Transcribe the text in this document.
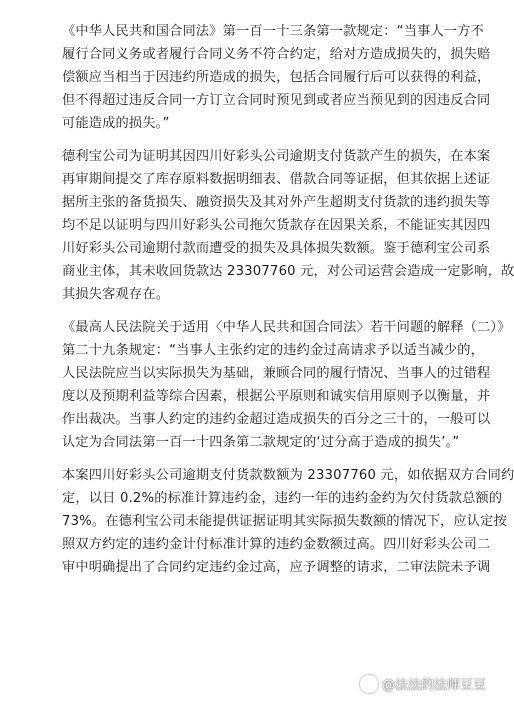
《中华人民共和国合同法》第一百一十三条第一款规定：“当事人一方不
履行合同义务或者履行合同义务不符合约定，给对方造成损失的，损失赔
偿额应当相当于因违约所造成的损失，包括合同履行后可以获得的利益，
但不得超过违反合同一方订立合同时预见到或者应当预见到的因违反合同
可能造成的损失。”
德利宝公司为证明其因四川好彩头公司逾期支付货款产生的损失，在本案
再审期间提交了库存原料数据明细表、借款合同等证据，但其依据上述证
据所主张的备货损失、融资损失及其对外产生超期支付货款的违约损失等
均不足以证明与四川好彩头公司拖欠货款存在因果关系，不能证实其因四
川好彩头公司逾期付款而遭受的损失及具体损失数额。鉴于德利宝公司系
商业主体，其未收回货款达 23307760 元，对公司运营会造成一定影响，故
其损失客观存在。
《最高人民法院关于适用〈中华人民共和国合同法〉若干问题的解释（二）》
第二十九条规定：“当事人主张约定的违约金过高请求予以适当减少的，
人民法院应当以实际损失为基础，兼顾合同的履行情况、当事人的过错程
度以及预期利益等综合因素，根据公平原则和诚实信用原则予以衡量，并
作出裁决。当事人约定的违约金超过造成损失的百分之三十的，一般可以
认定为合同法第一百一十四条第二款规定的‘过分高于造成的损失’。”
本案四川好彩头公司逾期支付货款数额为 23307760 元，如依据双方合同约
定，以日 0.2%的标准计算违约金，违约一年的违约金约为欠付货款总额的
73%。在德利宝公司未能提供证据证明其实际损失数额的情况下，应认定按
照双方约定的违约金计付标准计算的违约金数额过高。四川好彩头公司二
审中明确提出了合同约定违约金过高，应予调整的请求，二审法院未予调
@法法的法师豆豆
